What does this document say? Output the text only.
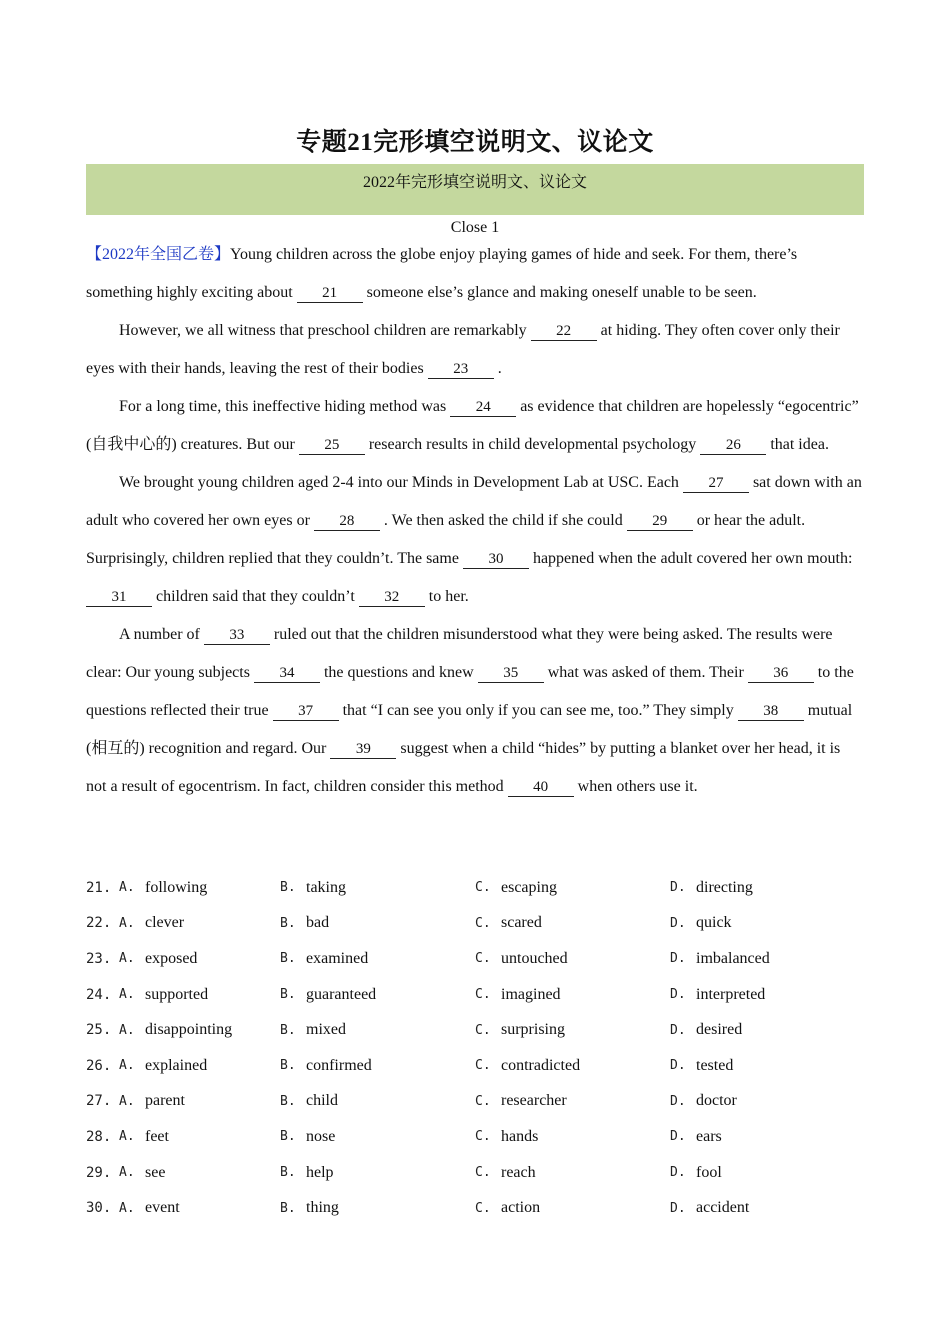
专题21完形填空说明文、议论文
2022年完形填空说明文、议论文
Close 1

【2022年全国乙卷】Young children across the globe enjoy playing games of hide and seek. For them, there’s something highly exciting about 21 someone else’s glance and making oneself unable to be seen.

However, we all witness that preschool children are remarkably 22 at hiding. They often cover only their eyes with their hands, leaving the rest of their bodies 23 .

For a long time, this ineffective hiding method was 24 as evidence that children are hopelessly “egocentric” (自我中心的) creatures. But our 25 research results in child developmental psychology 26 that idea.

We brought young children aged 2-4 into our Minds in Development Lab at USC. Each 27 sat down with an adult who covered her own eyes or 28 . We then asked the child if she could 29 or hear the adult. Surprisingly, children replied that they couldn’t. The same 30 happened when the adult covered her own mouth: 31 children said that they couldn’t 32 to her.

A number of 33 ruled out that the children misunderstood what they were being asked. The results were clear: Our young subjects 34 the questions and knew 35 what was asked of them. Their 36 to the questions reflected their true 37 that “I can see you only if you can see me, too.” They simply 38 mutual (相互的) recognition and regard. Our 39 suggest when a child “hides” by putting a blanket over her head, it is not a result of egocentrism. In fact, children consider this method 40 when others use it.

21. A. following	B. taking	C. escaping	D. directing
22. A. clever	B. bad	C. scared	D. quick
23. A. exposed	B. examined	C. untouched	D. imbalanced
24. A. supported	B. guaranteed	C. imagined	D. interpreted
25. A. disappointing	B. mixed	C. surprising	D. desired
26. A. explained	B. confirmed	C. contradicted	D. tested
27. A. parent	B. child	C. researcher	D. doctor
28. A. feet	B. nose	C. hands	D. ears
29. A. see	B. help	C. reach	D. fool
30. A. event	B. thing	C. action	D. accident
